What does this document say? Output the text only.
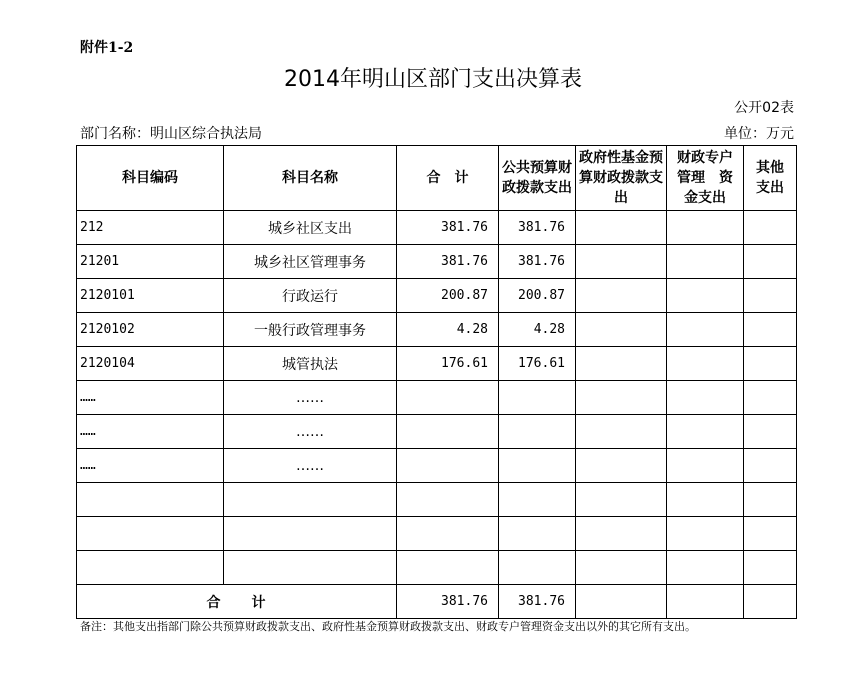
附件1-2
2014年明山区部门支出决算表
公开02表
部门名称：明山区综合执法局	单位：万元
科目编码	科目名称	合　计	公共预算财政拨款支出	政府性基金预算财政拨款支出	财政专户管理　资金支出	其他支出
212	城乡社区支出	381.76	381.76			
21201	城乡社区管理事务	381.76	381.76			
2120101	行政运行	200.87	200.87			
2120102	一般行政管理事务	4.28	4.28			
2120104	城管执法	176.61	176.61			
……	……					
……	……					
……	……					

合　　计		381.76	381.76			
备注：其他支出指部门除公共预算财政拨款支出、政府性基金预算财政拨款支出、财政专户管理资金支出以外的其它所有支出。
